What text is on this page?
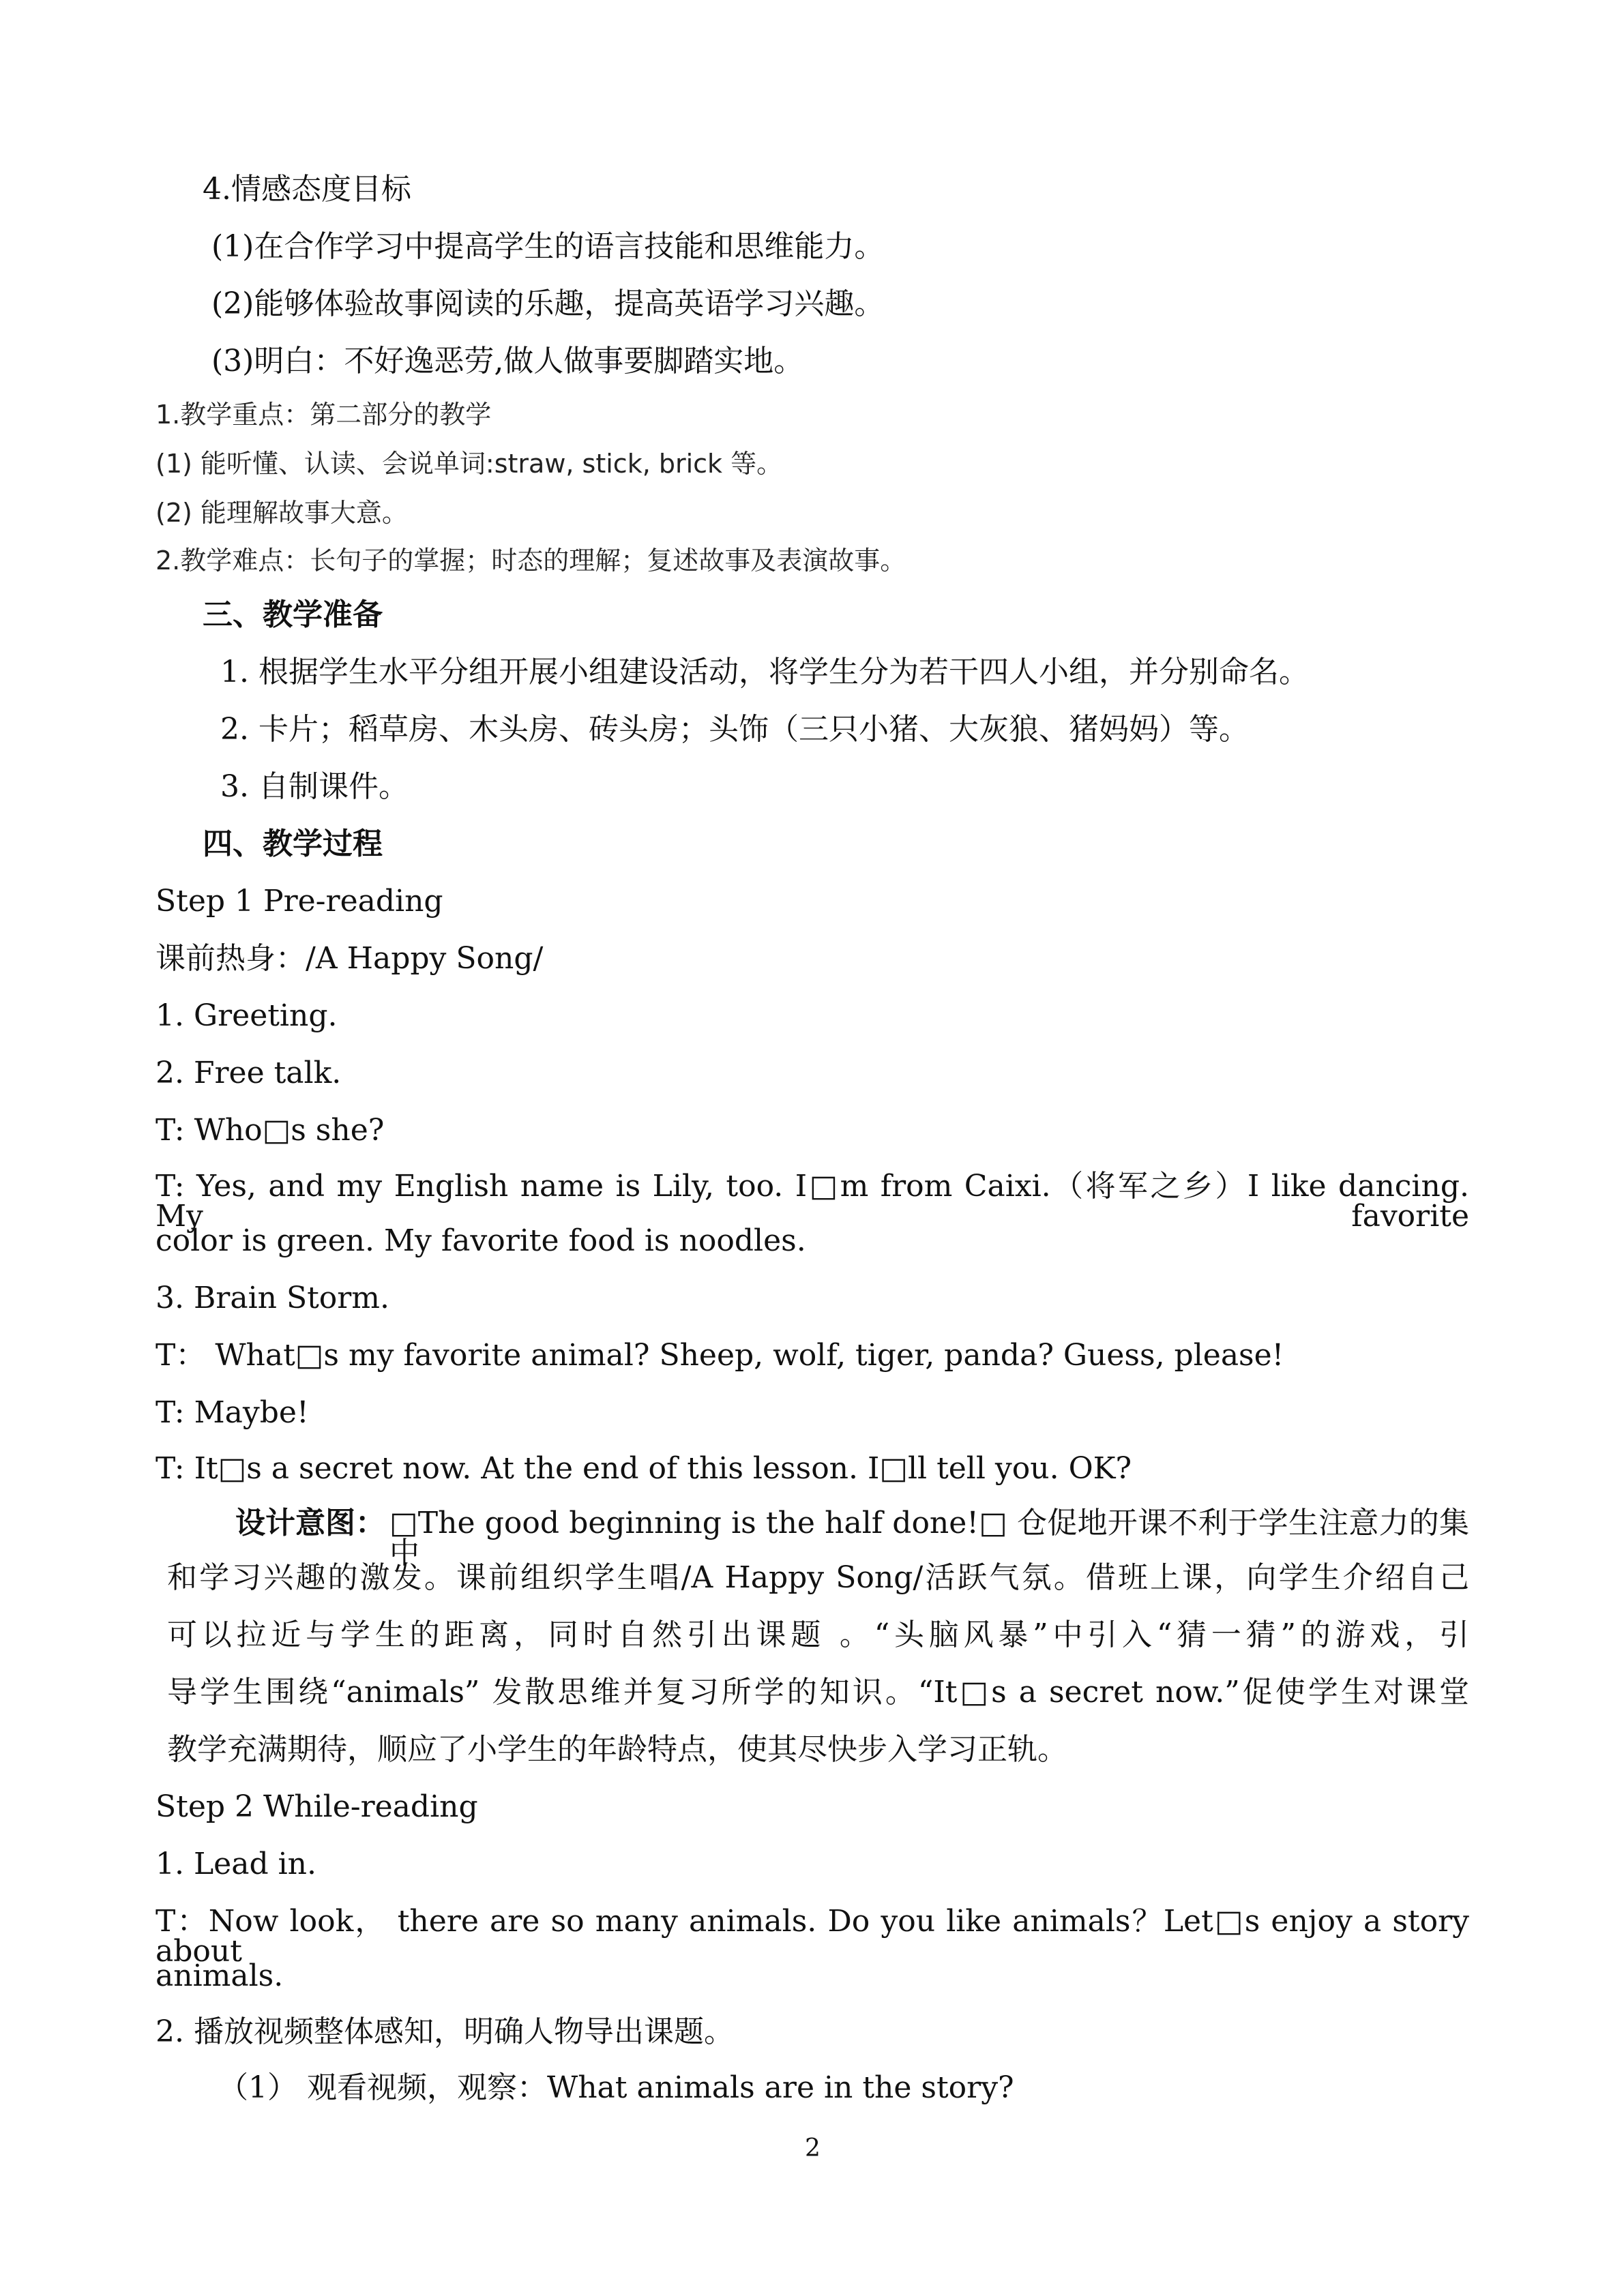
4.情感态度目标
(1)在合作学习中提高学生的语言技能和思维能力。
(2)能够体验故事阅读的乐趣，提高英语学习兴趣。
(3)明白：不好逸恶劳,做人做事要脚踏实地。
1.教学重点：第二部分的教学
(1) 能听懂、认读、会说单词:straw, stick, brick 等。
(2) 能理解故事大意。
2.教学难点：长句子的掌握；时态的理解；复述故事及表演故事。
三、教学准备
1. 根据学生水平分组开展小组建设活动，将学生分为若干四人小组，并分别命名。
2. 卡片；稻草房、木头房、砖头房；头饰（三只小猪、大灰狼、猪妈妈）等。
3. 自制课件。
四、教学过程
Step 1 Pre-reading
课前热身：/A Happy Song/
1. Greeting.
2. Free talk.
T: Who□s she?
T: Yes, and my English name is Lily, too. I□m from Caixi.（将军之乡）I like dancing. My favorite
color is green. My favorite food is noodles.
3. Brain Storm.
T： What□s my favorite animal? Sheep, wolf, tiger, panda? Guess, please!
T: Maybe!
T: It□s a secret now. At the end of this lesson. I□ll tell you. OK?
设计意图： □The good beginning is the half done!□ 仓促地开课不利于学生注意力的集中
和学习兴趣的激发。课前组织学生唱/A Happy Song/活跃气氛。借班上课，向学生介绍自己
可以拉近与学生的距离，同时自然引出课题 。“头脑风暴”中引入“猜一猜”的游戏，引
导学生围绕“animals” 发散思维并复习所学的知识。“It□s a secret now.”促使学生对课堂
教学充满期待，顺应了小学生的年龄特点，使其尽快步入学习正轨。
Step 2 While-reading
1. Lead in.
T：Now look， there are so many animals. Do you like animals？Let□s enjoy a story about
animals.
2. 播放视频整体感知，明确人物导出课题。
（1） 观看视频，观察：What animals are in the story?
2
